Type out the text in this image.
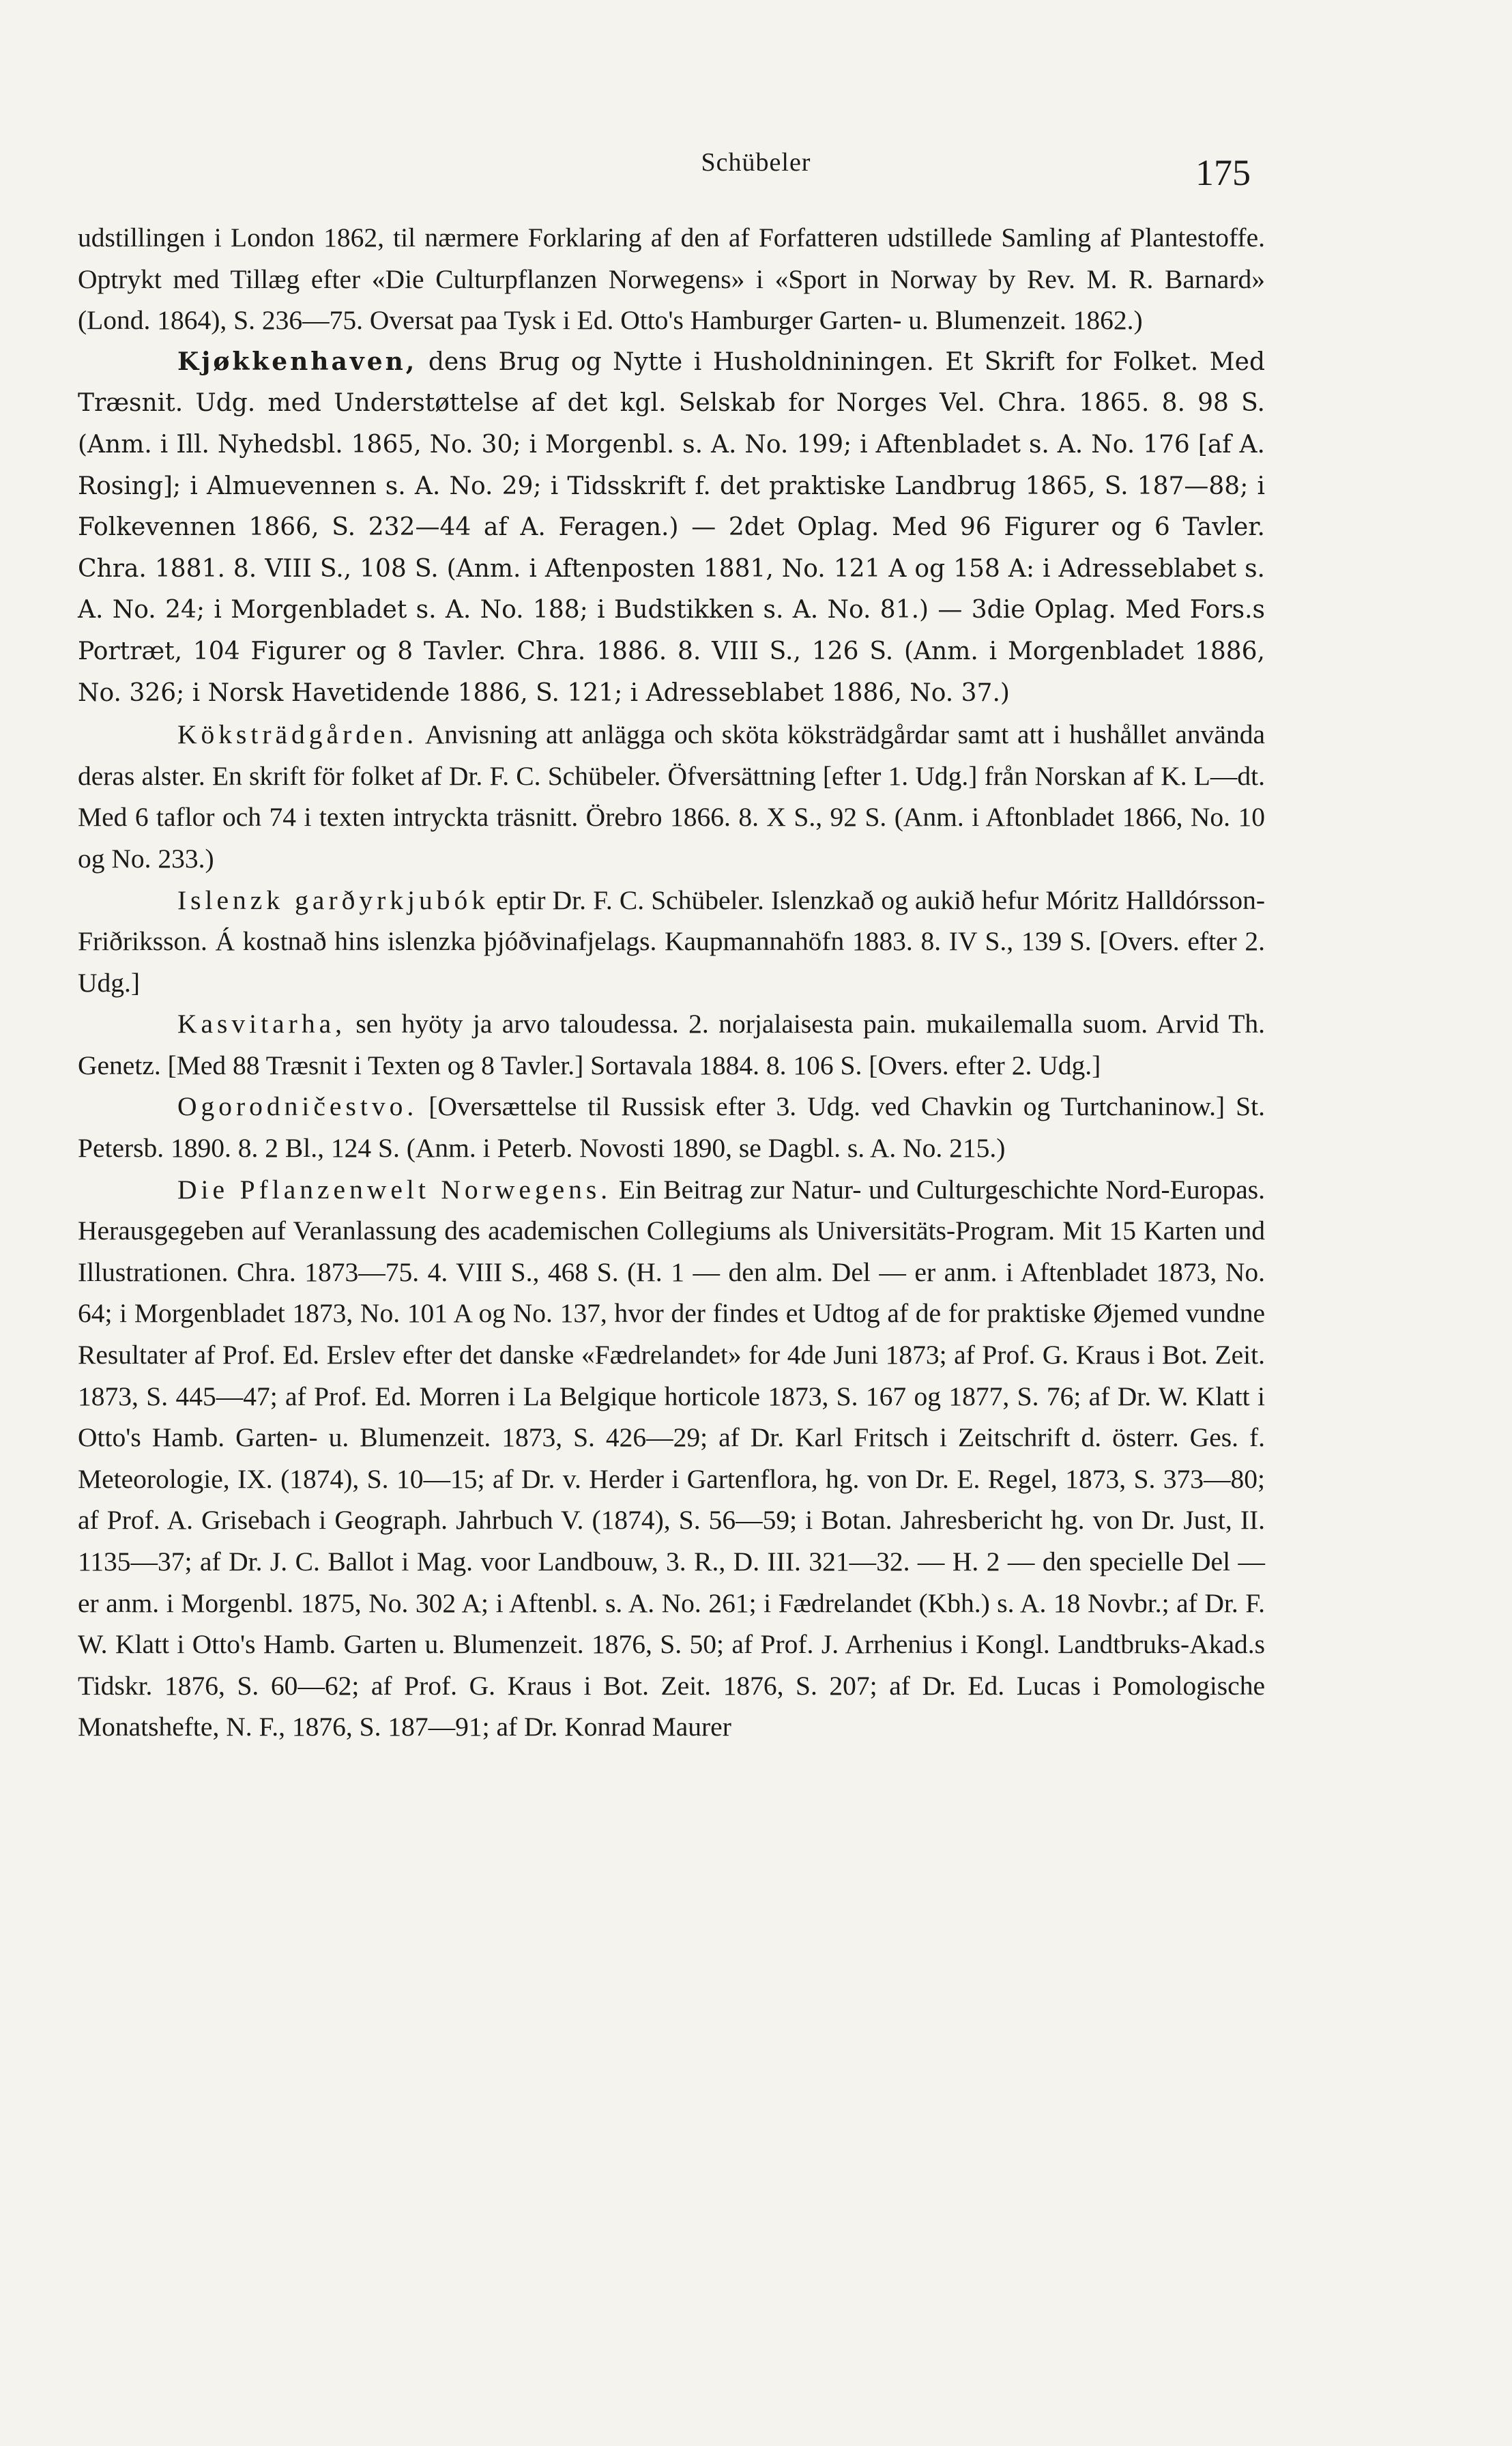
Schübeler	175

udstillingen i London 1862, til nærmere Forklaring af den af Forfatteren udstillede Samling af Plantestoffe. Optrykt med Tillæg efter «Die Culturpflanzen Norwegens» i «Sport in Norway by Rev. M. R. Barnard» (Lond. 1864), S. 236—75. Oversat paa Tysk i Ed. Otto's Hamburger Garten- u. Blumenzeit. 1862.)

Kjøkkenhaven, dens Brug og Nytte i Husholdniningen. Et Skrift for Folket. Med Træsnit. Udg. med Understøttelse af det kgl. Selskab for Norges Vel. Chra. 1865. 8. 98 S. (Anm. i Ill. Nyhedsbl. 1865, No. 30; i Morgenbl. s. A. No. 199; i Aftenbladet s. A. No. 176 [af A. Rosing]; i Almuevennen s. A. No. 29; i Tidsskrift f. det praktiske Landbrug 1865, S. 187—88; i Folkevennen 1866, S. 232—44 af A. Feragen.) — 2det Oplag. Med 96 Figurer og 6 Tavler. Chra. 1881. 8. VIII S., 108 S. (Anm. i Aftenposten 1881, No. 121 A og 158 A: i Adresseblabet s. A. No. 24; i Morgenbladet s. A. No. 188; i Budstikken s. A. No. 81.) — 3die Oplag. Med Fors.s Portræt, 104 Figurer og 8 Tavler. Chra. 1886. 8. VIII S., 126 S. (Anm. i Morgenbladet 1886, No. 326; i Norsk Havetidende 1886, S. 121; i Adresseblabet 1886, No. 37.)

Köksträdgården. Anvisning att anlägga och sköta köksträdgårdar samt att i hushållet använda deras alster. En skrift för folket af Dr. F. C. Schübeler. Öfversättning [efter 1. Udg.] från Norskan af K. L—dt. Med 6 taflor och 74 i texten intryckta träsnitt. Örebro 1866. 8. X S., 92 S. (Anm. i Aftonbladet 1866, No. 10 og No. 233.)

Islenzk garðyrkjubók eptir Dr. F. C. Schübeler. Islenzkað og aukið hefur Móritz Halldórsson-Friðriksson. Á kostnað hins islenzka þjóðvinafjelags. Kaupmannahöfn 1883. 8. IV S., 139 S. [Overs. efter 2. Udg.]

Kasvitarha, sen hyöty ja arvo taloudessa. 2. norjalaisesta pain. mukailemalla suom. Arvid Th. Genetz. [Med 88 Træsnit i Texten og 8 Tavler.] Sortavala 1884. 8. 106 S. [Overs. efter 2. Udg.]

Ogorodničestvo. [Oversættelse til Russisk efter 3. Udg. ved Chavkin og Turtchaninow.] St. Petersb. 1890. 8. 2 Bl., 124 S. (Anm. i Peterb. Novosti 1890, se Dagbl. s. A. No. 215.)

Die Pflanzenwelt Norwegens. Ein Beitrag zur Natur- und Culturgeschichte Nord-Europas. Herausgegeben auf Veranlassung des academischen Collegiums als Universitäts-Program. Mit 15 Karten und Illustrationen. Chra. 1873—75. 4. VIII S., 468 S. (H. 1 — den alm. Del — er anm. i Aftenbladet 1873, No. 64; i Morgenbladet 1873, No. 101 A og No. 137, hvor der findes et Udtog af de for praktiske Øjemed vundne Resultater af Prof. Ed. Erslev efter det danske «Fædrelandet» for 4de Juni 1873; af Prof. G. Kraus i Bot. Zeit. 1873, S. 445—47; af Prof. Ed. Morren i La Belgique horticole 1873, S. 167 og 1877, S. 76; af Dr. W. Klatt i Otto's Hamb. Garten- u. Blumenzeit. 1873, S. 426—29; af Dr. Karl Fritsch i Zeitschrift d. österr. Ges. f. Meteorologie, IX. (1874), S. 10—15; af Dr. v. Herder i Gartenflora, hg. von Dr. E. Regel, 1873, S. 373—80; af Prof. A. Grisebach i Geograph. Jahrbuch V. (1874), S. 56—59; i Botan. Jahresbericht hg. von Dr. Just, II. 1135—37; af Dr. J. C. Ballot i Mag. voor Landbouw, 3. R., D. III. 321—32. — H. 2 — den specielle Del — er anm. i Morgenbl. 1875, No. 302 A; i Aftenbl. s. A. No. 261; i Fædrelandet (Kbh.) s. A. 18 Novbr.; af Dr. F. W. Klatt i Otto's Hamb. Garten u. Blumenzeit. 1876, S. 50; af Prof. J. Arrhenius i Kongl. Landtbruks-Akad.s Tidskr. 1876, S. 60—62; af Prof. G. Kraus i Bot. Zeit. 1876, S. 207; af Dr. Ed. Lucas i Pomologische Monatshefte, N. F., 1876, S. 187—91; af Dr. Konrad Maurer
